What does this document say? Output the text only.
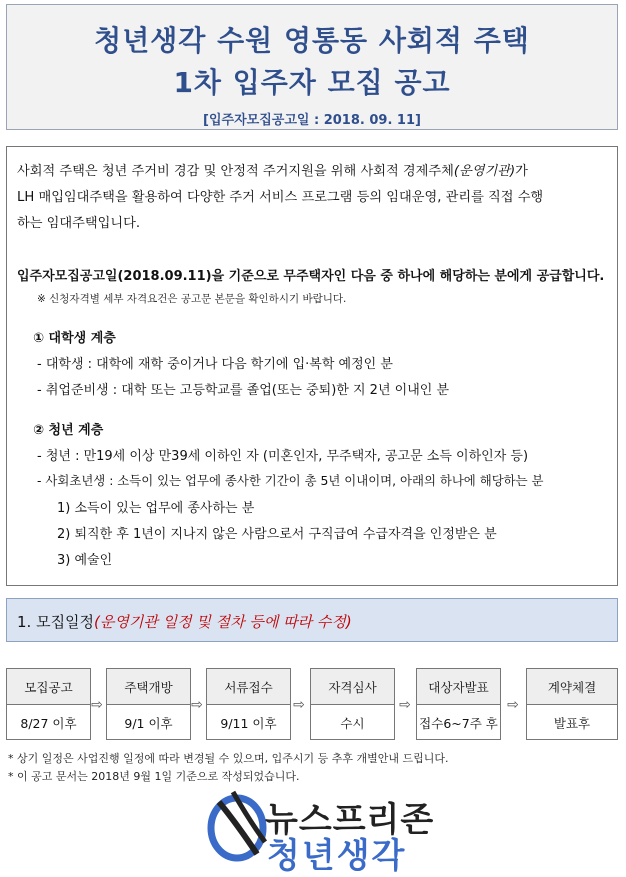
청년생각 수원 영통동 사회적 주택
1차 입주자 모집 공고
[입주자모집공고일 : 2018. 09. 11]
사회적 주택은 청년 주거비 경감 및 안정적 주거지원을 위해 사회적 경제주체(운영기관)가
LH 매입임대주택을 활용하여 다양한 주거 서비스 프로그램 등의 임대운영, 관리를 직접 수행
하는 임대주택입니다.
입주자모집공고일(2018.09.11)을 기준으로 무주택자인 다음 중 하나에 해당하는 분에게 공급합니다.
※ 신청자격별 세부 자격요건은 공고문 본문을 확인하시기 바랍니다.
① 대학생 계층
- 대학생 : 대학에 재학 중이거나 다음 학기에 입·복학 예정인 분
- 취업준비생 : 대학 또는 고등학교를 졸업(또는 중퇴)한 지 2년 이내인 분
② 청년 계층
- 청년 : 만19세 이상 만39세 이하인 자 (미혼인자, 무주택자, 공고문 소득 이하인자 등)
- 사회초년생 : 소득이 있는 업무에 종사한 기간이 총 5년 이내이며, 아래의 하나에 해당하는 분
1) 소득이 있는 업무에 종사하는 분
2) 퇴직한 후 1년이 지나지 않은 사람으로서 구직급여 수급자격을 인정받은 분
3) 예술인
1. 모집일정(운영기관 일정 및 절차 등에 따라 수정)
모집공고
8/27 이후
⇨
주택개방
9/1 이후
⇨
서류접수
9/11 이후
⇨
자격심사
수시
⇨
대상자발표
접수6~7주 후
⇨
계약체결
발표후
* 상기 일정은 사업진행 일정에 따라 변경될 수 있으며, 입주시기 등 추후 개별안내 드립니다.
* 이 공고 문서는 2018년 9월 1일 기준으로 작성되었습니다.
뉴스프리존
청년생각
